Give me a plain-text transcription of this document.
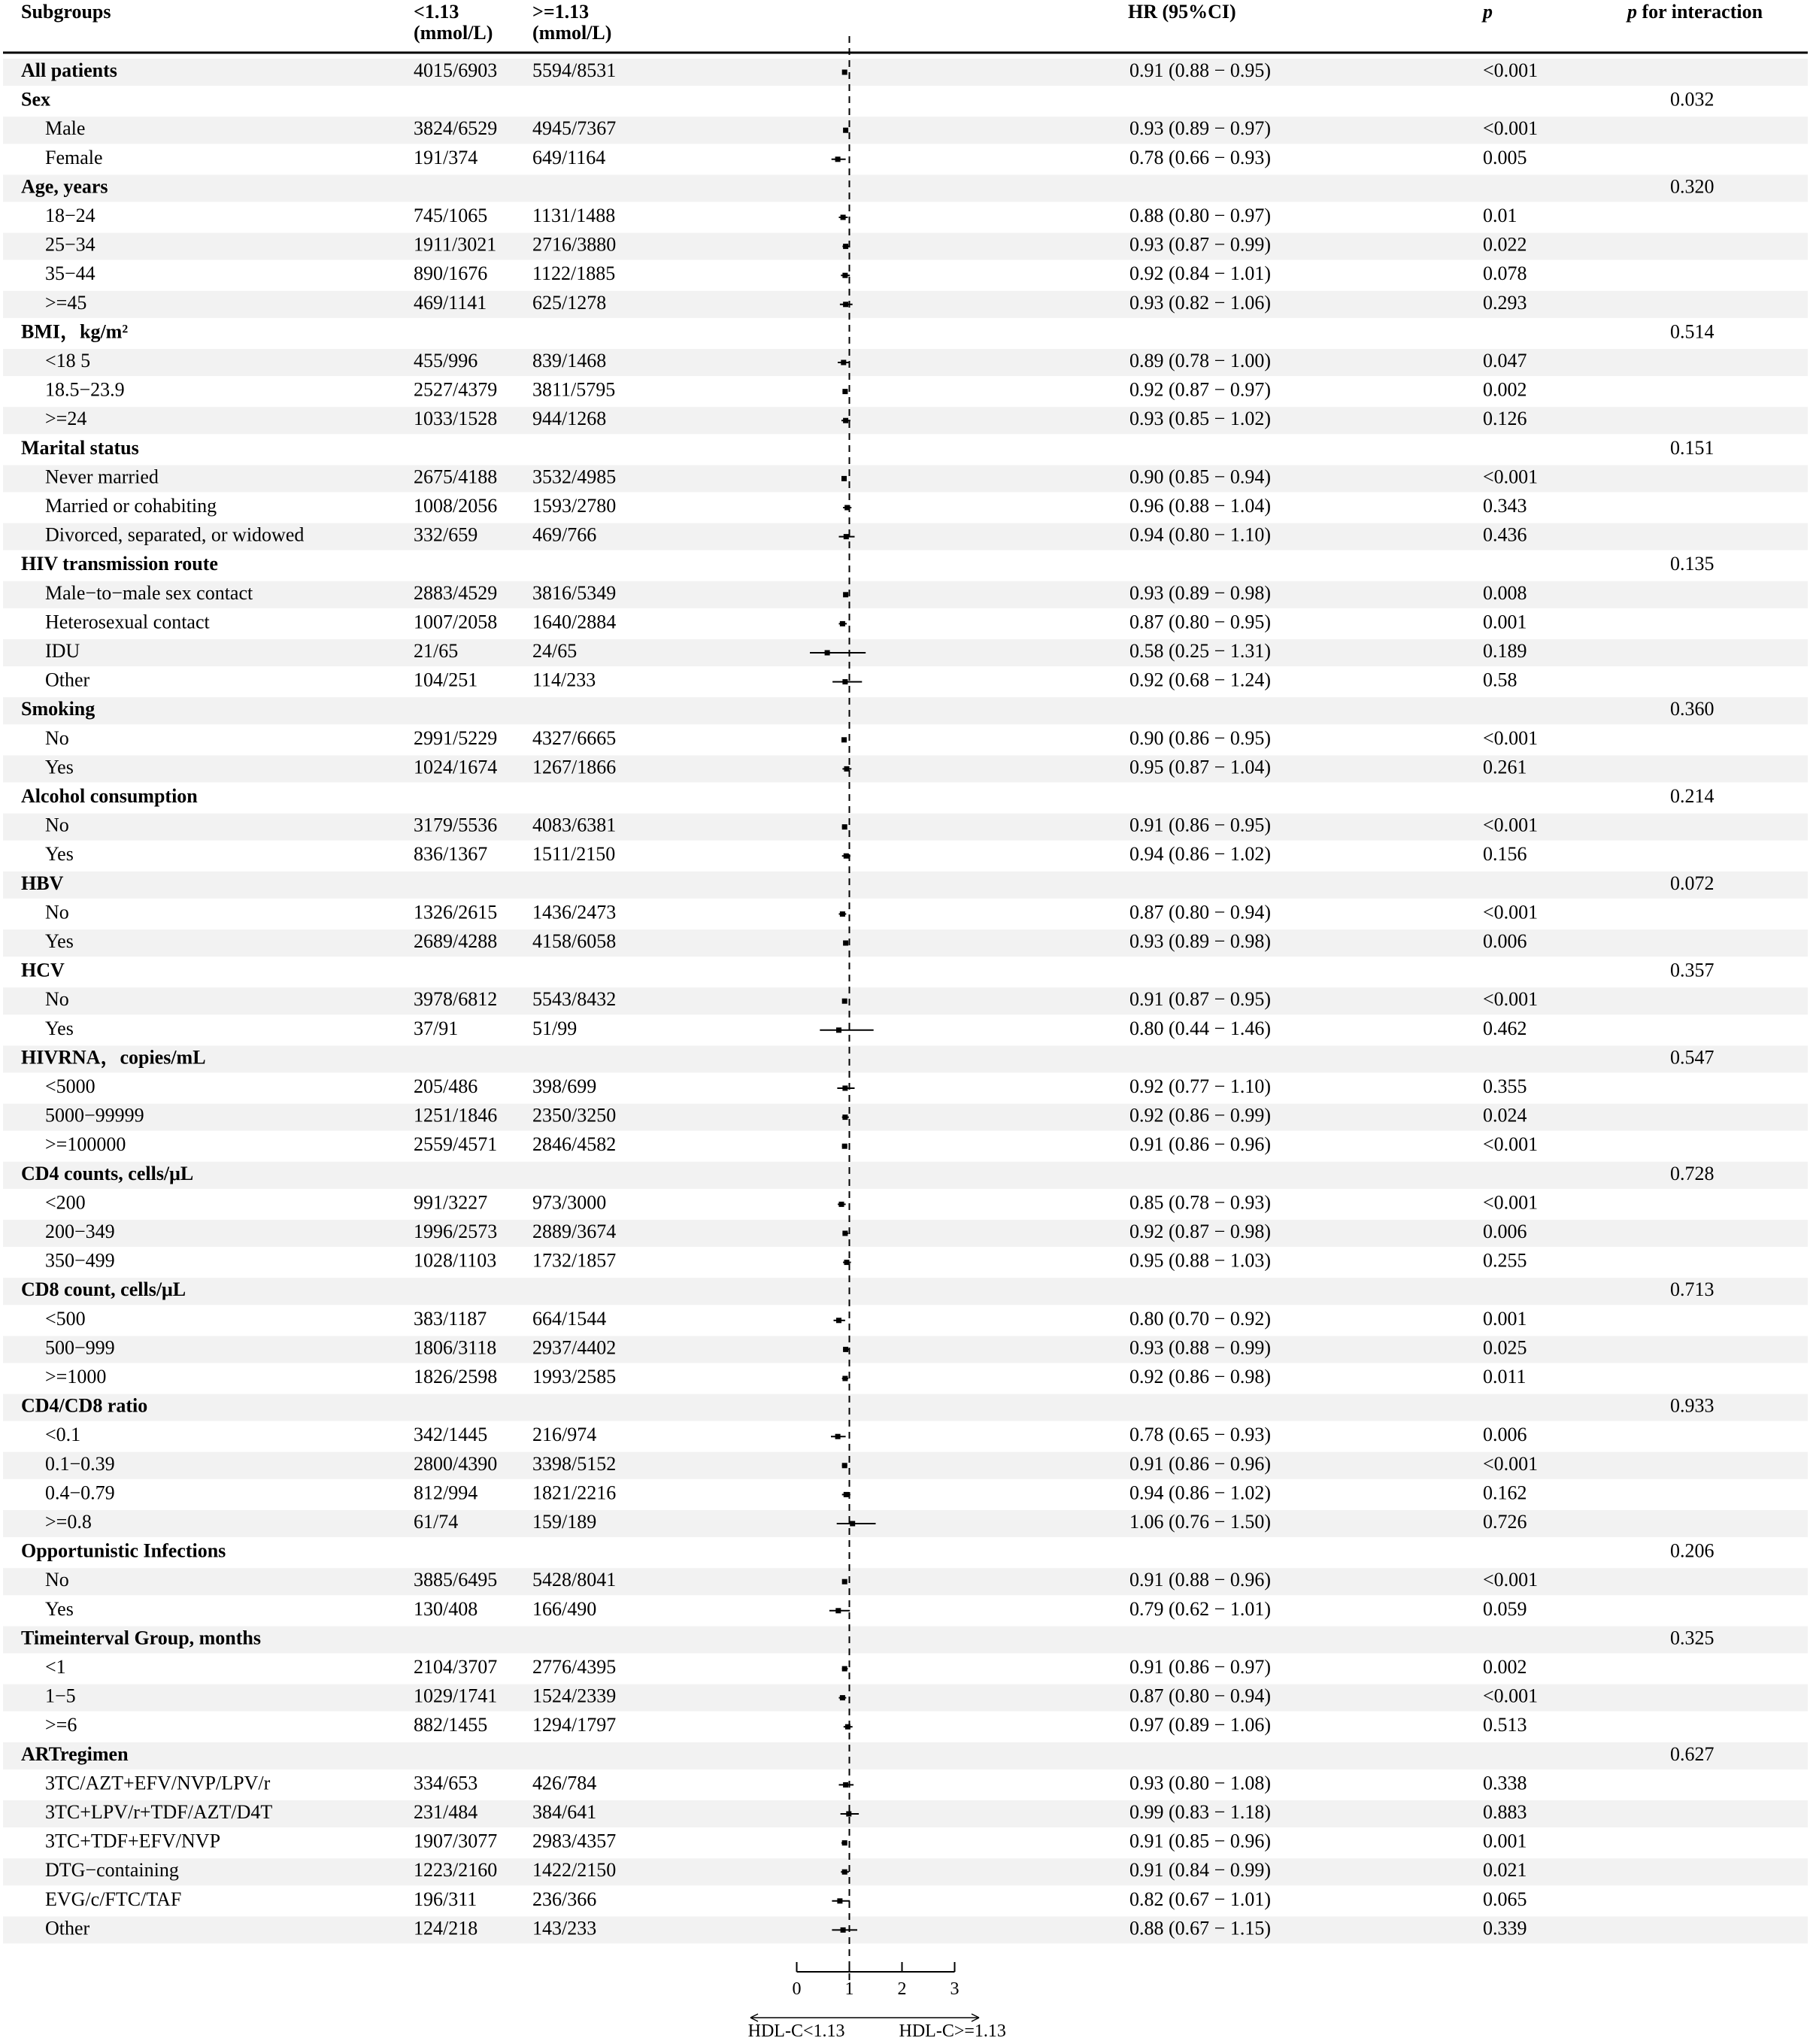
Subgroups	<1.13
(mmol/L)
>=1.13
(mmol/L)
HR (95%CI)	p	p for interaction
All patients	4015/6903 5594/8531	0.91 (0.88 − 0.95)	<0.001
Sex	0.032
Male	3824/6529 4945/7367	0.93 (0.89 − 0.97)	<0.001
Female	191/374	649/1164	0.78 (0.66 − 0.93)	0.005
Age, years	0.320
18−24	745/1065 1131/1488	0.88 (0.80 − 0.97)	0.01
25−34	1911/3021 2716/3880	0.93 (0.87 − 0.99)	0.022
35−44	890/1676 1122/1885	0.92 (0.84 − 1.01)	0.078
>=45	469/1141 625/1278	0.93 (0.82 − 1.06)	0.293
BMI，kg/m²	0.514
<18 5	455/996	839/1468	0.89 (0.78 − 1.00)	0.047
18.5−23.9	2527/4379 3811/5795	0.92 (0.87 − 0.97)	0.002
>=24	1033/1528 944/1268	0.93 (0.85 − 1.02)	0.126
Marital status	0.151
Never married	2675/4188 3532/4985	0.90 (0.85 − 0.94)	<0.001
Married or cohabiting	1008/2056 1593/2780	0.96 (0.88 − 1.04)	0.343
Divorced, separated, or widowed	332/659	469/766	0.94 (0.80 − 1.10)	0.436
HIV transmission route	0.135
Male−to−male sex contact	2883/4529 3816/5349	0.93 (0.89 − 0.98)	0.008
Heterosexual contact	1007/2058 1640/2884	0.87 (0.80 − 0.95)	0.001
IDU	21/65	24/65	0.58 (0.25 − 1.31)	0.189
Other	104/251	114/233	0.92 (0.68 − 1.24)	0.58
Smoking	0.360
No	2991/5229 4327/6665	0.90 (0.86 − 0.95)	<0.001
Yes	1024/1674 1267/1866	0.95 (0.87 − 1.04)	0.261
Alcohol consumption	0.214
No	3179/5536 4083/6381	0.91 (0.86 − 0.95)	<0.001
Yes	836/1367 1511/2150	0.94 (0.86 − 1.02)	0.156
HBV	0.072
No	1326/2615 1436/2473	0.87 (0.80 − 0.94)	<0.001
Yes	2689/4288 4158/6058	0.93 (0.89 − 0.98)	0.006
HCV	0.357
No	3978/6812 5543/8432	0.91 (0.87 − 0.95)	<0.001
Yes	37/91	51/99	0.80 (0.44 − 1.46)	0.462
HIVRNA，copies/mL	0.547
<5000	205/486	398/699	0.92 (0.77 − 1.10)	0.355
5000−99999	1251/1846 2350/3250	0.92 (0.86 − 0.99)	0.024
>=100000	2559/4571 2846/4582	0.91 (0.86 − 0.96)	<0.001
CD4 counts, cells/μL	0.728
<200	991/3227 973/3000	0.85 (0.78 − 0.93)	<0.001
200−349	1996/2573 2889/3674	0.92 (0.87 − 0.98)	0.006
350−499	1028/1103 1732/1857	0.95 (0.88 − 1.03)	0.255
CD8 count, cells/μL	0.713
<500	383/1187 664/1544	0.80 (0.70 − 0.92)	0.001
500−999	1806/3118 2937/4402	0.93 (0.88 − 0.99)	0.025
>=1000	1826/2598 1993/2585	0.92 (0.86 − 0.98)	0.011
CD4/CD8 ratio	0.933
<0.1	342/1445 216/974	0.78 (0.65 − 0.93)	0.006
0.1−0.39	2800/4390 3398/5152	0.91 (0.86 − 0.96)	<0.001
0.4−0.79	812/994	1821/2216	0.94 (0.86 − 1.02)	0.162
>=0.8	61/74	159/189	1.06 (0.76 − 1.50)	0.726
Opportunistic Infections	0.206
No	3885/6495 5428/8041	0.91 (0.88 − 0.96)	<0.001
Yes	130/408	166/490	0.79 (0.62 − 1.01)	0.059
Timeinterval Group, months	0.325
<1	2104/3707 2776/4395	0.91 (0.86 − 0.97)	0.002
1−5	1029/1741 1524/2339	0.87 (0.80 − 0.94)	<0.001
>=6	882/1455 1294/1797	0.97 (0.89 − 1.06)	0.513
ARTregimen	0.627
3TC/AZT+EFV/NVP/LPV/r	334/653	426/784	0.93 (0.80 − 1.08)	0.338
3TC+LPV/r+TDF/AZT/D4T	231/484	384/641	0.99 (0.83 − 1.18)	0.883
3TC+TDF+EFV/NVP	1907/3077 2983/4357	0.91 (0.85 − 0.96)	0.001
DTG−containing	1223/2160 1422/2150	0.91 (0.84 − 0.99)	0.021
EVG/c/FTC/TAF	196/311	236/366	0.82 (0.67 − 1.01)	0.065
Other	124/218	143/233	0.88 (0.67 − 1.15)	0.339
0 1 2 3
HDL-C<1.13	HDL-C>=1.13
